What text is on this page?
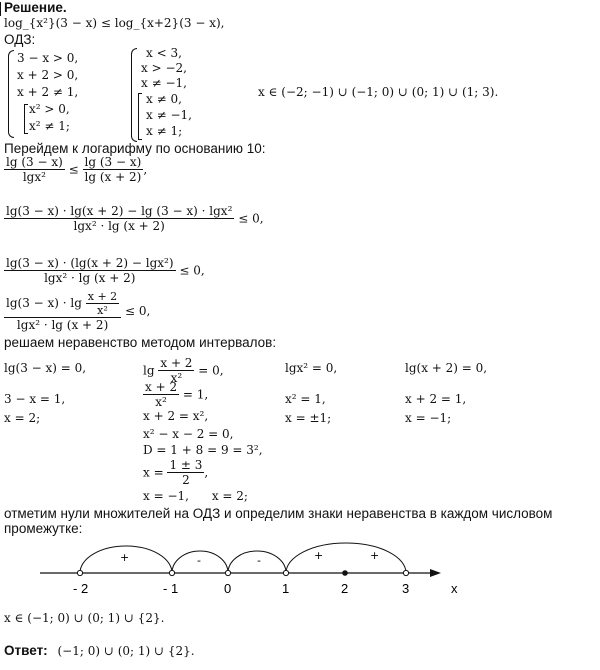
Решение.
log_{x²}(3 − x) ≤ log_{x+2}(3 − x),
ОДЗ:
3 − x > 0,
x + 2 > 0,
x + 2 ≠ 1,
x² > 0,
x² ≠ 1;
x < 3,
x > −2,
x ≠ −1,
x ≠ 0,
x ≠ −1,
x ≠ 1;
x ∈ (−2; −1) ∪ (−1; 0) ∪ (0; 1) ∪ (1; 3).
Перейдем к логарифму по основанию 10:
$\frac{\lg (3 - x)}{\text{lgx²}} \le \frac{\lg (3 - x)}{\lg (x + 2)}$ ,
$\frac{\text{lg(3 − x) · lg(x + 2) − lg (3 − x) · lgx²}}{\text{lgx² · lg (x + 2)}} \le 0$,
$\frac{\text{lg(3 − x) · (lg(x + 2) − lgx²)}}{\text{lgx² · lg (x + 2)}} \le 0$,
$\frac{\lg(3 - x) \cdot \lg \frac{x + 2}{\text{x²}}}{\text{lgx² · lg (x + 2)}} \le 0$,
решаем неравенство методом интервалов:
lg(3 − x) = 0,
3 − x = 1,
x = 2;
$\lg \frac{x + 2}{\text{x²}} = 0$,
$\frac{x + 2}{\text{x²}} = 1$,
x + 2 = x²,
x² − x − 2 = 0,
D = 1 + 8 = 9 = 3²,
$x = \frac{1 \pm 3}{2}$ ,
x = −1,      x = 2;
lgx² = 0,
x² = 1,
x = ±1;
lg(x + 2) = 0,
x + 2 = 1,
x = −1;
отметим нули множителей на ОДЗ и определим знаки неравенства в каждом числовом
промежутке:
+	-	-	+	+
- 2	- 1	0	1	2	3	x
x ∈ (−1; 0) ∪ (0; 1) ∪ {2}.
Ответ: (−1; 0) ∪ (0; 1) ∪ {2}.
